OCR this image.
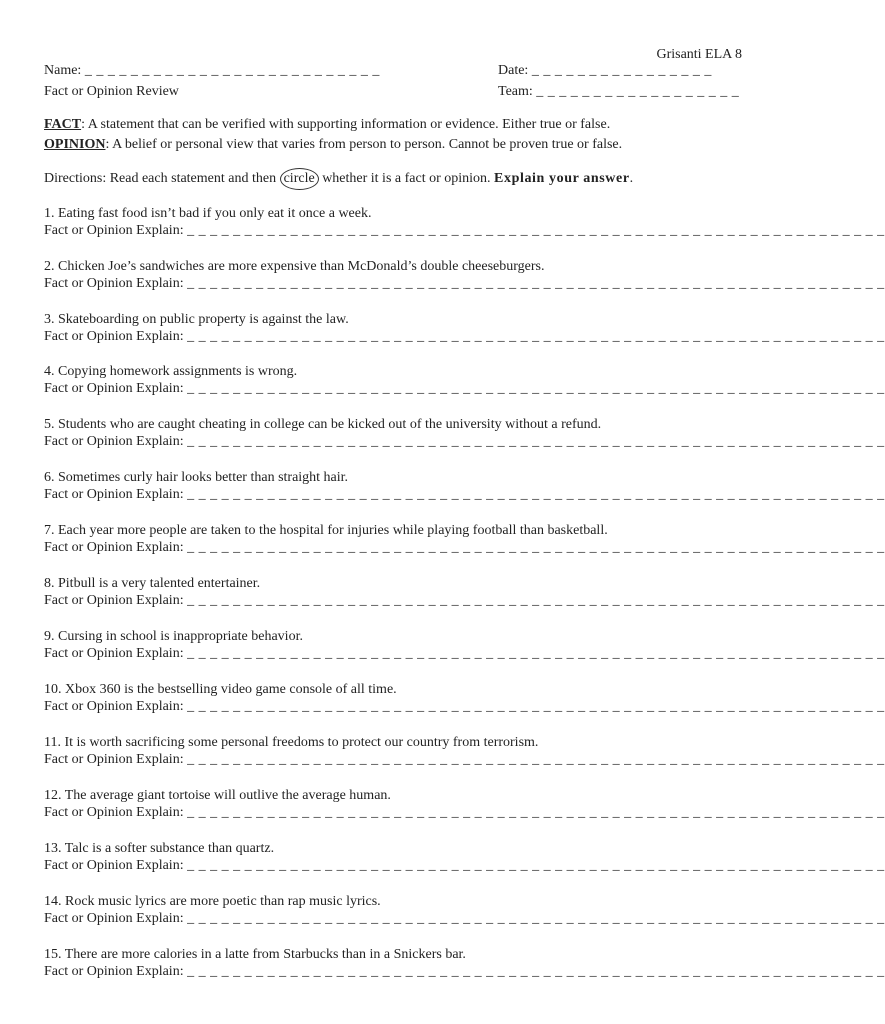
Grisanti ELA 8
Name: _ _ _ _ _ _ _ _ _ _ _ _ _ _ _ _ _ _ _ _ _ _ _ _ _ _	Date: _ _ _ _ _ _ _ _ _ _ _ _ _ _ _ _
Fact or Opinion Review	Team: _ _ _ _ _ _ _ _ _ _ _ _ _ _ _ _ _ _
FACT: A statement that can be verified with supporting information or evidence. Either true or false.
OPINION: A belief or personal view that varies from person to person. Cannot be proven true or false.
Directions: Read each statement and then circle whether it is a fact or opinion. Explain your answer.
1. Eating fast food isn’t bad if you only eat it once a week.
Fact or Opinion Explain: _ _ _ _ _ _ _ _ _ _ _ _ _ _ _ _ _ _ _ _ _ _ _ _ _ _ _ _ _ _ _ _ _ _ _ _ _ _ _ _ _ _ _ _ _ _ _ _ _ _ _ _ _ _ _ _ _ _ _ _ _
2. Chicken Joe’s sandwiches are more expensive than McDonald’s double cheeseburgers.
Fact or Opinion Explain: _ _ _ _ _ _ _ _ _ _ _ _ _ _ _ _ _ _ _ _ _ _ _ _ _ _ _ _ _ _ _ _ _ _ _ _ _ _ _ _ _ _ _ _ _ _ _ _ _ _ _ _ _ _ _ _ _ _ _ _ _
3. Skateboarding on public property is against the law.
Fact or Opinion Explain: _ _ _ _ _ _ _ _ _ _ _ _ _ _ _ _ _ _ _ _ _ _ _ _ _ _ _ _ _ _ _ _ _ _ _ _ _ _ _ _ _ _ _ _ _ _ _ _ _ _ _ _ _ _ _ _ _ _ _ _ _
4. Copying homework assignments is wrong.
Fact or Opinion Explain: _ _ _ _ _ _ _ _ _ _ _ _ _ _ _ _ _ _ _ _ _ _ _ _ _ _ _ _ _ _ _ _ _ _ _ _ _ _ _ _ _ _ _ _ _ _ _ _ _ _ _ _ _ _ _ _ _ _ _ _ _
5. Students who are caught cheating in college can be kicked out of the university without a refund.
Fact or Opinion Explain: _ _ _ _ _ _ _ _ _ _ _ _ _ _ _ _ _ _ _ _ _ _ _ _ _ _ _ _ _ _ _ _ _ _ _ _ _ _ _ _ _ _ _ _ _ _ _ _ _ _ _ _ _ _ _ _ _ _ _ _ _
6. Sometimes curly hair looks better than straight hair.
Fact or Opinion Explain: _ _ _ _ _ _ _ _ _ _ _ _ _ _ _ _ _ _ _ _ _ _ _ _ _ _ _ _ _ _ _ _ _ _ _ _ _ _ _ _ _ _ _ _ _ _ _ _ _ _ _ _ _ _ _ _ _ _ _ _ _
7. Each year more people are taken to the hospital for injuries while playing football than basketball.
Fact or Opinion Explain: _ _ _ _ _ _ _ _ _ _ _ _ _ _ _ _ _ _ _ _ _ _ _ _ _ _ _ _ _ _ _ _ _ _ _ _ _ _ _ _ _ _ _ _ _ _ _ _ _ _ _ _ _ _ _ _ _ _ _ _ _
8. Pitbull is a very talented entertainer.
Fact or Opinion Explain: _ _ _ _ _ _ _ _ _ _ _ _ _ _ _ _ _ _ _ _ _ _ _ _ _ _ _ _ _ _ _ _ _ _ _ _ _ _ _ _ _ _ _ _ _ _ _ _ _ _ _ _ _ _ _ _ _ _ _ _ _
9. Cursing in school is inappropriate behavior.
Fact or Opinion Explain: _ _ _ _ _ _ _ _ _ _ _ _ _ _ _ _ _ _ _ _ _ _ _ _ _ _ _ _ _ _ _ _ _ _ _ _ _ _ _ _ _ _ _ _ _ _ _ _ _ _ _ _ _ _ _ _ _ _ _ _ _
10. Xbox 360 is the bestselling video game console of all time.
Fact or Opinion Explain: _ _ _ _ _ _ _ _ _ _ _ _ _ _ _ _ _ _ _ _ _ _ _ _ _ _ _ _ _ _ _ _ _ _ _ _ _ _ _ _ _ _ _ _ _ _ _ _ _ _ _ _ _ _ _ _ _ _ _ _ _
11. It is worth sacrificing some personal freedoms to protect our country from terrorism.
Fact or Opinion Explain: _ _ _ _ _ _ _ _ _ _ _ _ _ _ _ _ _ _ _ _ _ _ _ _ _ _ _ _ _ _ _ _ _ _ _ _ _ _ _ _ _ _ _ _ _ _ _ _ _ _ _ _ _ _ _ _ _ _ _ _ _
12. The average giant tortoise will outlive the average human.
Fact or Opinion Explain: _ _ _ _ _ _ _ _ _ _ _ _ _ _ _ _ _ _ _ _ _ _ _ _ _ _ _ _ _ _ _ _ _ _ _ _ _ _ _ _ _ _ _ _ _ _ _ _ _ _ _ _ _ _ _ _ _ _ _ _ _
13. Talc is a softer substance than quartz.
Fact or Opinion Explain: _ _ _ _ _ _ _ _ _ _ _ _ _ _ _ _ _ _ _ _ _ _ _ _ _ _ _ _ _ _ _ _ _ _ _ _ _ _ _ _ _ _ _ _ _ _ _ _ _ _ _ _ _ _ _ _ _ _ _ _ _
14. Rock music lyrics are more poetic than rap music lyrics.
Fact or Opinion Explain: _ _ _ _ _ _ _ _ _ _ _ _ _ _ _ _ _ _ _ _ _ _ _ _ _ _ _ _ _ _ _ _ _ _ _ _ _ _ _ _ _ _ _ _ _ _ _ _ _ _ _ _ _ _ _ _ _ _ _ _ _
15. There are more calories in a latte from Starbucks than in a Snickers bar.
Fact or Opinion Explain: _ _ _ _ _ _ _ _ _ _ _ _ _ _ _ _ _ _ _ _ _ _ _ _ _ _ _ _ _ _ _ _ _ _ _ _ _ _ _ _ _ _ _ _ _ _ _ _ _ _ _ _ _ _ _ _ _ _ _ _ _
